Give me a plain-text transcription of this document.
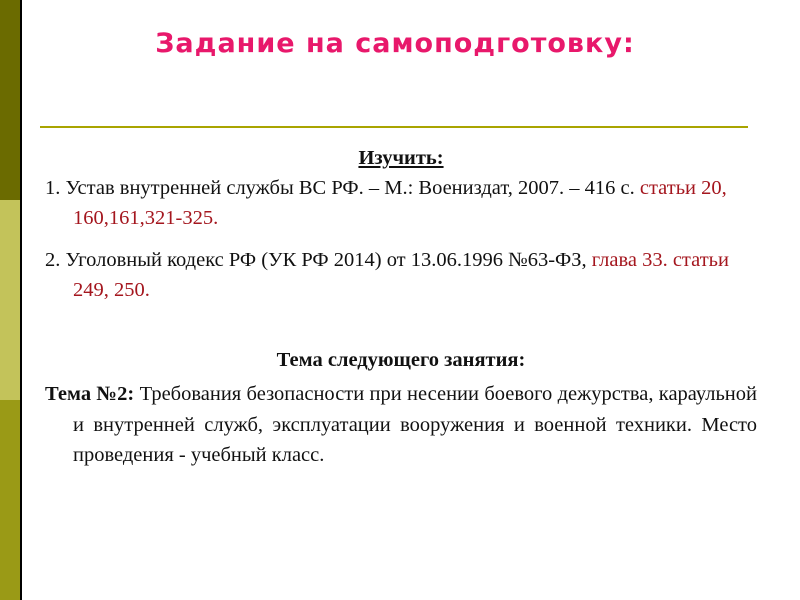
Задание на самоподготовку:
Изучить:

1. Устав внутренней службы ВС РФ. – М.: Воениздат, 2007. – 416 с. статьи 20, 160,161,321-325.

2. Уголовный кодекс РФ (УК РФ 2014) от 13.06.1996 №63-ФЗ, глава 33. статьи 249, 250.

Тема следующего занятия:

Тема №2: Требования безопасности при несении боевого дежурства, караульной и внутренней служб, эксплуатации вооружения и военной техники. Место проведения - учебный класс.
